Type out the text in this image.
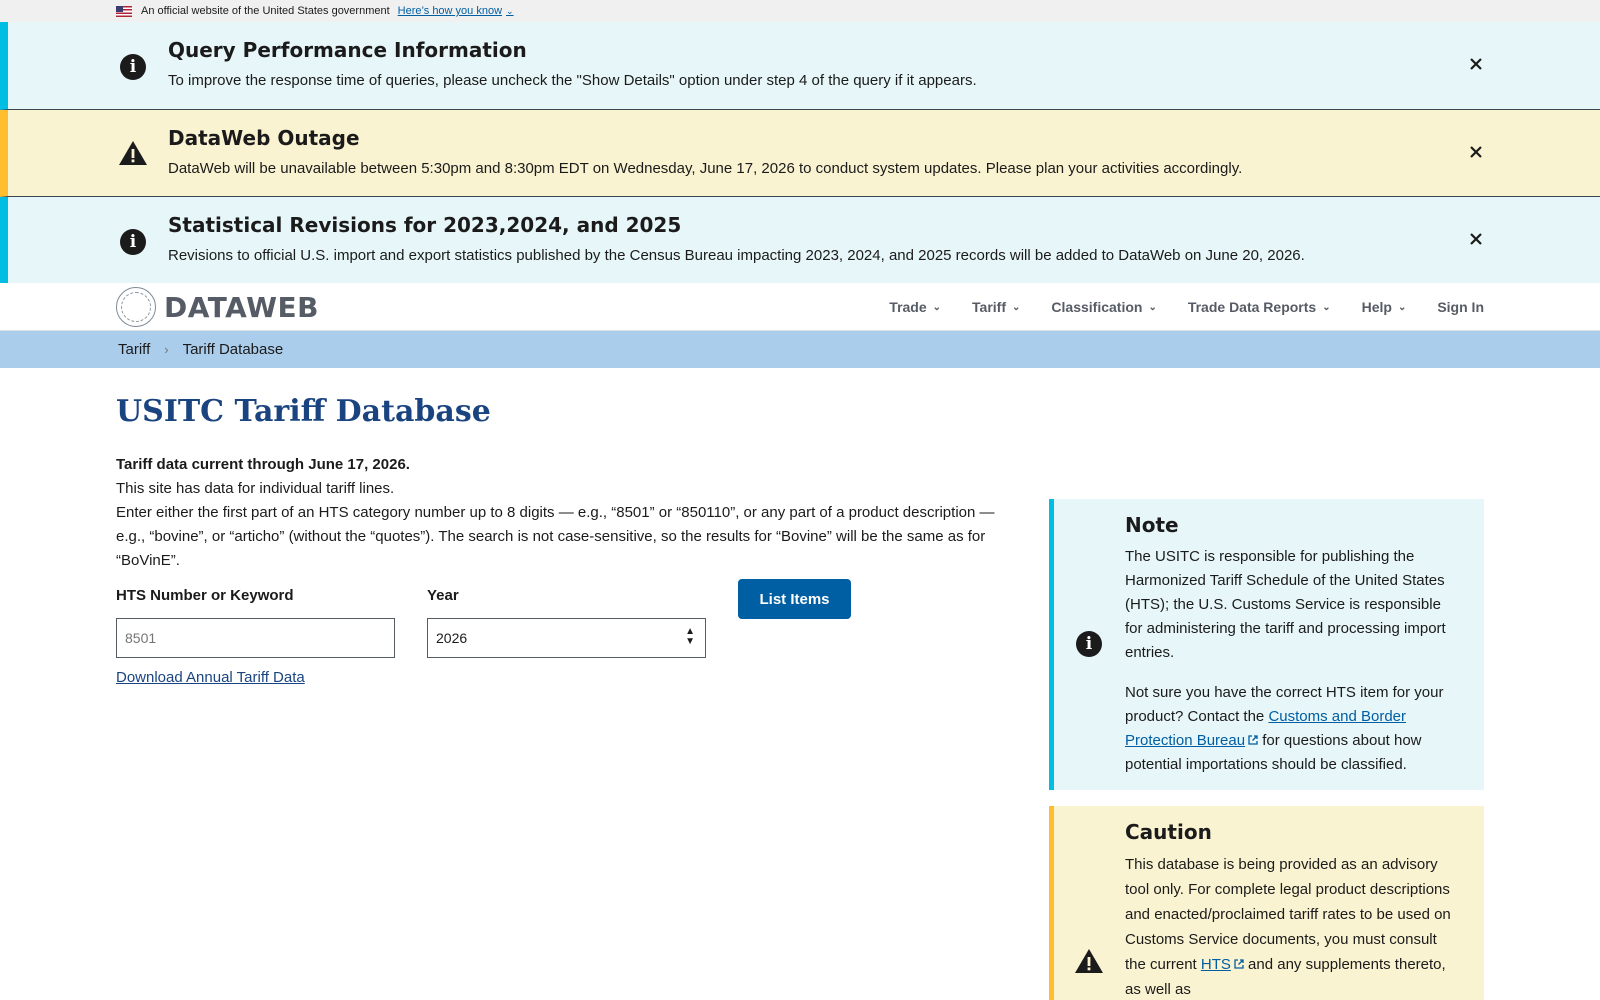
An official website of the United States government Here’s how you know ⌄
i
Query Performance Information
To improve the response time of queries, please uncheck the "Show Details" option under step 4 of the query if it appears.
DataWeb Outage
DataWeb will be unavailable between 5:30pm and 8:30pm EDT on Wednesday, June 17, 2026 to conduct system updates. Please plan your activities accordingly.
i
Statistical Revisions for 2023,2024, and 2025
Revisions to official U.S. import and export statistics published by the Census Bureau impacting 2023, 2024, and 2025 records will be added to DataWeb on June 20, 2026.
DATAWEB	Trade ⌄ Tariff ⌄ Classification ⌄ Trade Data Reports ⌄ Help ⌄ Sign In
Tariff › Tariff Database
USITC Tariff Database
Tariff data current through June 17, 2026.
This site has data for individual tariff lines.
Enter either the first part of an HTS category number up to 8 digits — e.g., “8501” or “850110”, or any part of a product description — e.g., “bovine”, or “articho” (without the “quotes”). The search is not case-sensitive, so the results for “Bovine” will be the same as for “BoVinE”.
HTS Number or Keyword
8501	Year
2026	▲
▼
List Items
Download Annual Tariff Data
i
Note
The USITC is responsible for publishing the Harmonized Tariff Schedule of the United States (HTS); the U.S. Customs Service is responsible for administering the tariff and processing import entries.
Not sure you have the correct HTS item for your product? Contact the Customs and Border Protection Bureau for questions about how potential importations should be classified.
Caution
This database is being provided as an advisory tool only. For complete legal product descriptions and enacted/proclaimed tariff rates to be used on Customs Service documents, you must consult the current HTS and any supplements thereto, as well as
